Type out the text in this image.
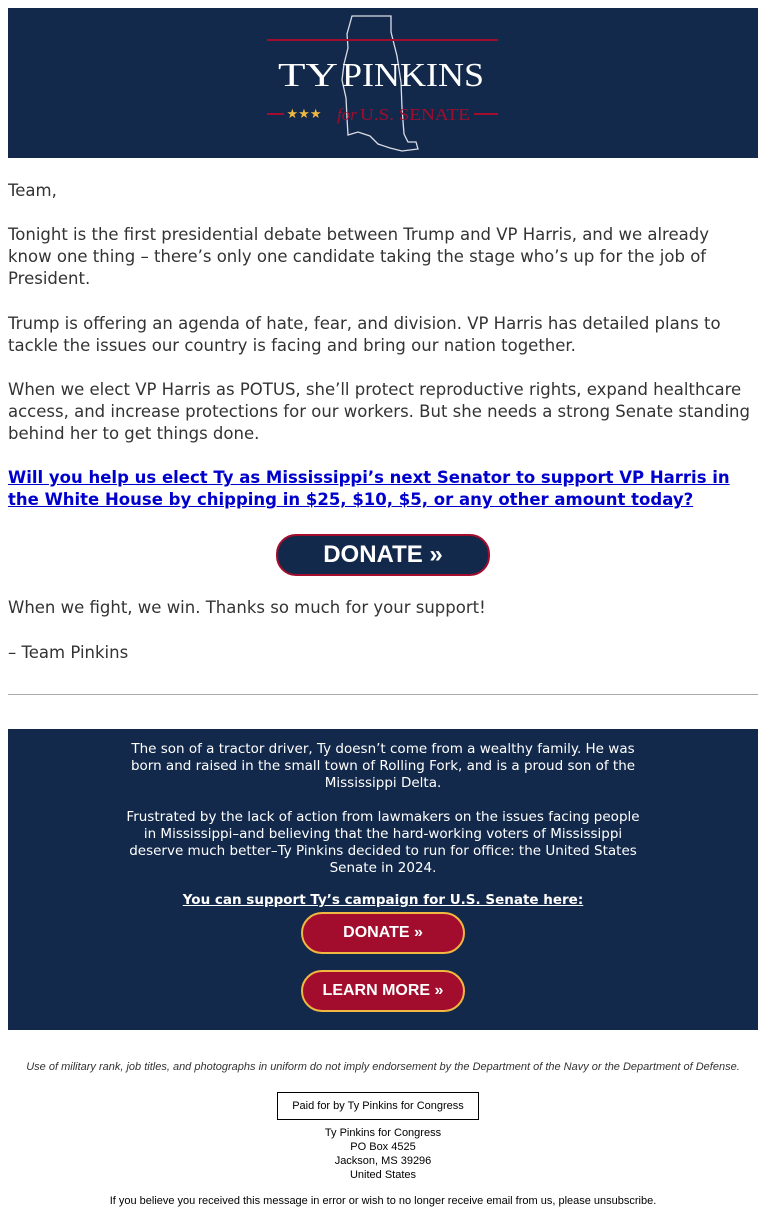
TY PINKINS
★★★ for U.S. SENATE

Team,

Tonight is the first presidential debate between Trump and VP Harris, and we already know one thing – there’s only one candidate taking the stage who’s up for the job of President.

Trump is offering an agenda of hate, fear, and division. VP Harris has detailed plans to tackle the issues our country is facing and bring our nation together.

When we elect VP Harris as POTUS, she’ll protect reproductive rights, expand healthcare access, and increase protections for our workers. But she needs a strong Senate standing behind her to get things done.

Will you help us elect Ty as Mississippi’s next Senator to support VP Harris in the White House by chipping in $25, $10, $5, or any other amount today?
DONATE »

When we fight, we win. Thanks so much for your support!

– Team Pinkins

The son of a tractor driver, Ty doesn’t come from a wealthy family. He was born and raised in the small town of Rolling Fork, and is a proud son of the Mississippi Delta.

Frustrated by the lack of action from lawmakers on the issues facing people in Mississippi–and believing that the hard-working voters of Mississippi deserve much better–Ty Pinkins decided to run for office: the United States Senate in 2024.

You can support Ty’s campaign for U.S. Senate here:
DONATE »
LEARN MORE »

Use of military rank, job titles, and photographs in uniform do not imply endorsement by the Department of the Navy or the Department of Defense.

Paid for by Ty Pinkins for Congress

Ty Pinkins for Congress
PO Box 4525
Jackson, MS 39296
United States

If you believe you received this message in error or wish to no longer receive email from us, please unsubscribe.
